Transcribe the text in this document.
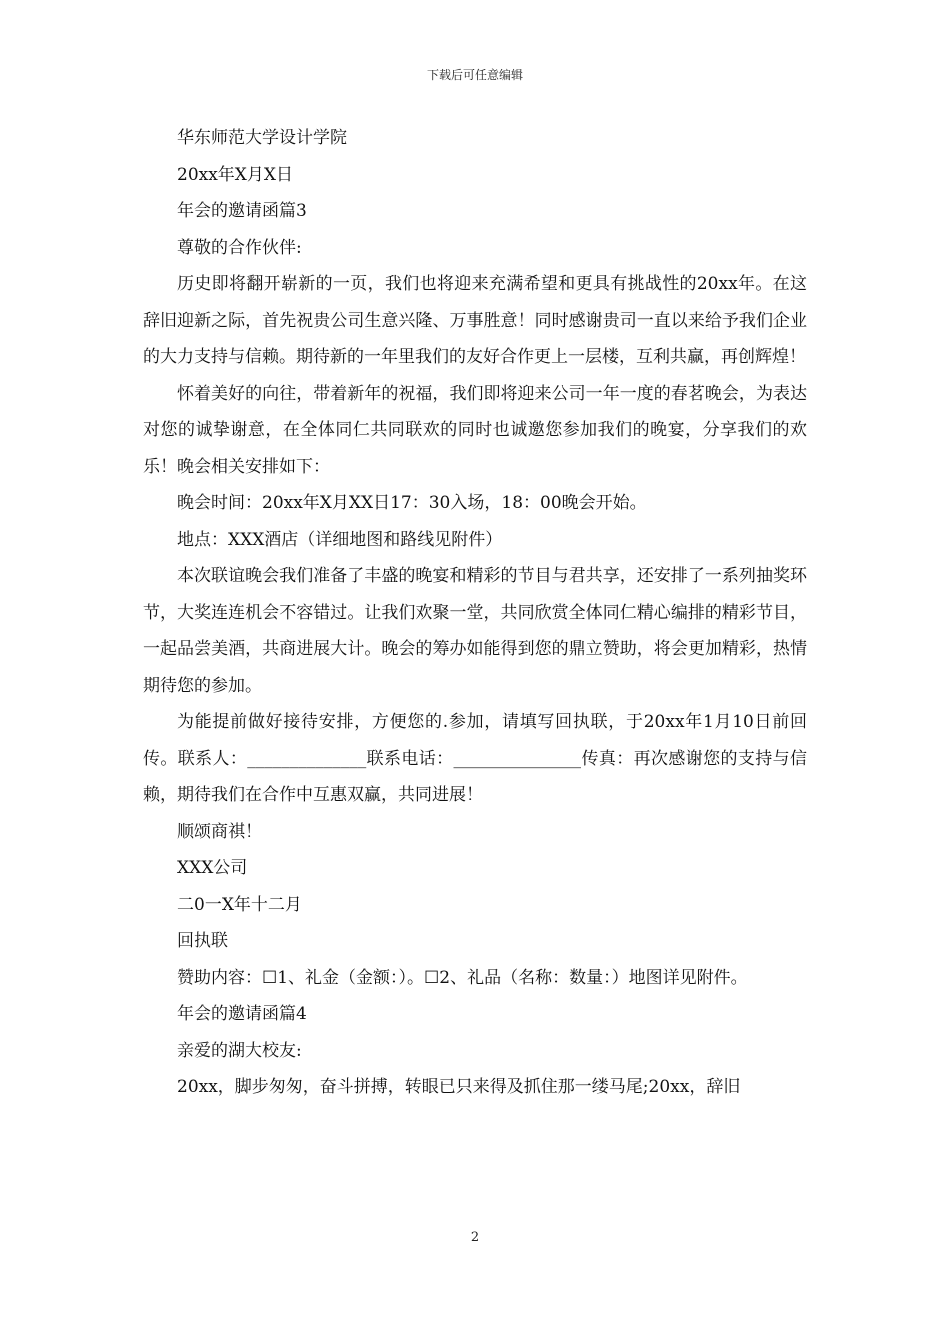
下载后可任意编辑

华东师范大学设计学院

20xx年X月X日

年会的邀请函篇3

尊敬的合作伙伴:

历史即将翻开崭新的一页，我们也将迎来充满希望和更具有挑战性的20xx年。在这辞旧迎新之际，首先祝贵公司生意兴隆、万事胜意！同时感谢贵司一直以来给予我们企业的大力支持与信赖。期待新的一年里我们的友好合作更上一层楼，互利共赢，再创辉煌！

怀着美好的向往，带着新年的祝福，我们即将迎来公司一年一度的春茗晚会，为表达对您的诚挚谢意，在全体同仁共同联欢的同时也诚邀您参加我们的晚宴，分享我们的欢乐！晚会相关安排如下：

晚会时间：20xx年X月XX日17：30入场，18：00晚会开始。

地点：XXX酒店（详细地图和路线见附件）

本次联谊晚会我们准备了丰盛的晚宴和精彩的节目与君共享，还安排了一系列抽奖环节，大奖连连机会不容错过。让我们欢聚一堂，共同欣赏全体同仁精心编排的精彩节目，一起品尝美酒，共商进展大计。晚会的筹办如能得到您的鼎立赞助，将会更加精彩，热情期待您的参加。

为能提前做好接待安排，方便您的.参加，请填写回执联，于20xx年1月10日前回传。联系人：______________联系电话：_______________传真：再次感谢您的支持与信赖，期待我们在合作中互惠双赢，共同进展！

顺颂商祺！

XXX公司

二0一X年十二月

回执联

赞助内容：☐1、礼金（金额：）。☐2、礼品（名称：数量：）地图详见附件。

年会的邀请函篇4

亲爱的湖大校友:

20xx，脚步匆匆，奋斗拼搏，转眼已只来得及抓住那一缕马尾;20xx，辞旧

2
